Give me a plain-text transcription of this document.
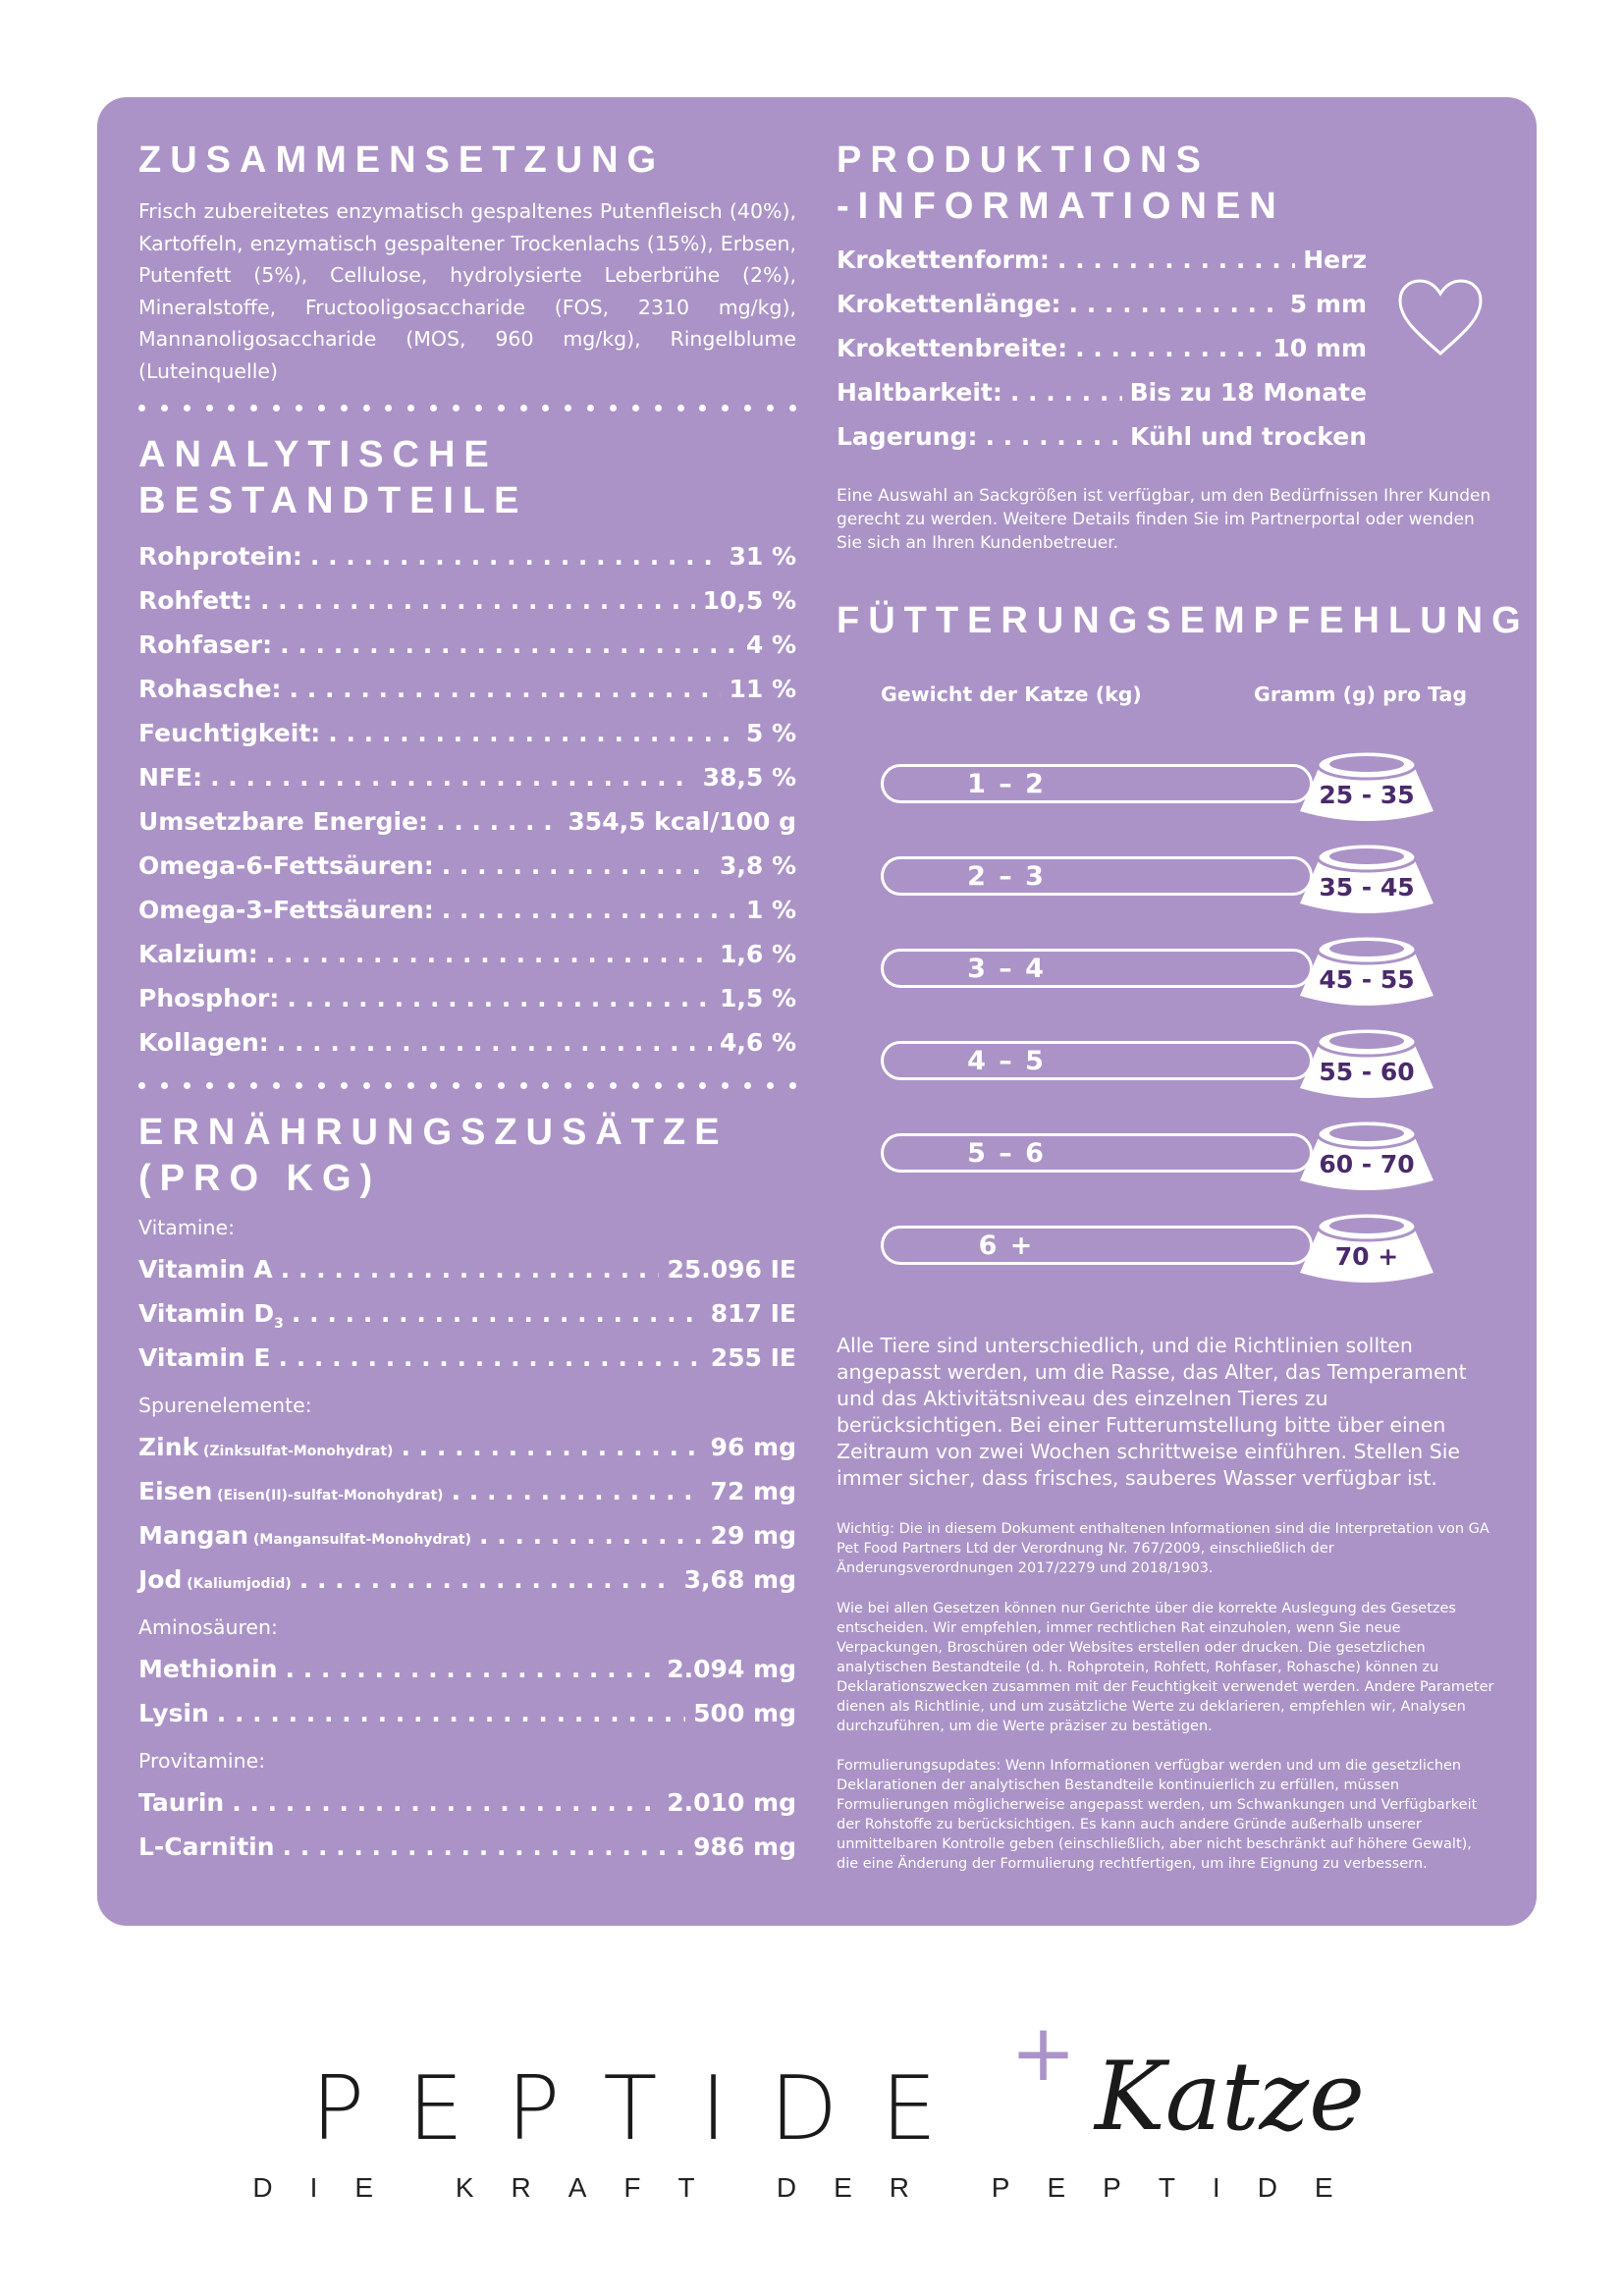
ZUSAMMENSETZUNG

Frisch zubereitetes enzymatisch gespaltenes Putenfleisch (40%), Kartoffeln, enzymatisch gespaltener Trockenlachs (15%), Erbsen, Putenfett (5%), Cellulose, hydrolysierte Leberbrühe (2%), Mineralstoffe, Fructooligosaccharide (FOS, 2310 mg/kg), Mannanoligosaccharide (MOS, 960 mg/kg), Ringelblume (Luteinquelle)

ANALYTISCHE
BESTANDTEILE
Rohprotein: . . .	31 %
Rohfett: . . .	10,5 %
Rohfaser: . . .	4 %
Rohasche: . . .	11 %
Feuchtigkeit: . . .	5 %
NFE: . . .	38,5 %
Umsetzbare Energie: . . .	354,5 kcal/100 g
Omega-6-Fettsäuren: . . .	3,8 %
Omega-3-Fettsäuren: . . .	1 %
Kalzium: . . .	1,6 %
Phosphor: . . .	1,5 %
Kollagen: . . .	4,6 %
ERNÄHRUNGSZUSÄTZE
(PRO KG)
Vitamine:
Vitamin A . . .	25.096 IE
Vitamin $D_3$ . . .	817 IE
Vitamin E . . .	255 IE
Spurenelemente:
Zink (Zinksulfat-Monohydrat) . . .	96 mg
Eisen (Eisen(II)-sulfat-Monohydrat) . . .	72 mg
Mangan (Mangansulfat-Monohydrat) . . .	29 mg
Jod (Kaliumjodid) . . .	3,68 mg
Aminosäuren:
Methionin . . .	2.094 mg
Lysin . . .	500 mg
Provitamine:
Taurin . . .	2.010 mg
L-Carnitin . . .	986 mg
PRODUKTIONS
-INFORMATIONEN
Krokettenform: . . .	Herz
Krokettenlänge: . . .	5 mm
Krokettenbreite: . . .	10 mm
Haltbarkeit: . . .	Bis zu 18 Monate
Lagerung: . . .	Kühl und trocken

Eine Auswahl an Sackgrößen ist verfügbar, um den Bedürfnissen Ihrer Kunden gerecht zu werden. Weitere Details finden Sie im Partnerportal oder wenden Sie sich an Ihren Kundenbetreuer.

FÜTTERUNGSEMPFEHLUNG
Gewicht der Katze (kg)	Gramm (g) pro Tag
1 – 2	25 - 35
2 – 3	35 - 45
3 – 4	45 - 55
4 – 5	55 - 60
5 – 6	60 - 70
6 +	70 +
Alle Tiere sind unterschiedlich, und die Richtlinien sollten angepasst werden, um die Rasse, das Alter, das Temperament und das Aktivitätsniveau des einzelnen Tieres zu berücksichtigen. Bei einer Futterumstellung bitte über einen Zeitraum von zwei Wochen schrittweise einführen. Stellen Sie immer sicher, dass frisches, sauberes Wasser verfügbar ist.
Wichtig: Die in diesem Dokument enthaltenen Informationen sind die Interpretation von GA Pet Food Partners Ltd der Verordnung Nr. 767/2009, einschließlich der Änderungsverordnungen 2017/2279 und 2018/1903.
Wie bei allen Gesetzen können nur Gerichte über die korrekte Auslegung des Gesetzes entscheiden. Wir empfehlen, immer rechtlichen Rat einzuholen, wenn Sie neue Verpackungen, Broschüren oder Websites erstellen oder drucken. Die gesetzlichen analytischen Bestandteile (d. h. Rohprotein, Rohfett, Rohfaser, Rohasche) können zu Deklarationszwecken zusammen mit der Feuchtigkeit verwendet werden. Andere Parameter dienen als Richtlinie, und um zusätzliche Werte zu deklarieren, empfehlen wir, Analysen durchzuführen, um die Werte präziser zu bestätigen.
Formulierungsupdates: Wenn Informationen verfügbar werden und um die gesetzlichen Deklarationen der analytischen Bestandteile kontinuierlich zu erfüllen, müssen Formulierungen möglicherweise angepasst werden, um Schwankungen und Verfügbarkeit der Rohstoffe zu berücksichtigen. Es kann auch andere Gründe außerhalb unserer unmittelbaren Kontrolle geben (einschließlich, aber nicht beschränkt auf höhere Gewalt), die eine Änderung der Formulierung rechtfertigen, um ihre Eignung zu verbessern.
PEPTIDE
+ Katze
DIE KRAFT DER PEPTIDE
